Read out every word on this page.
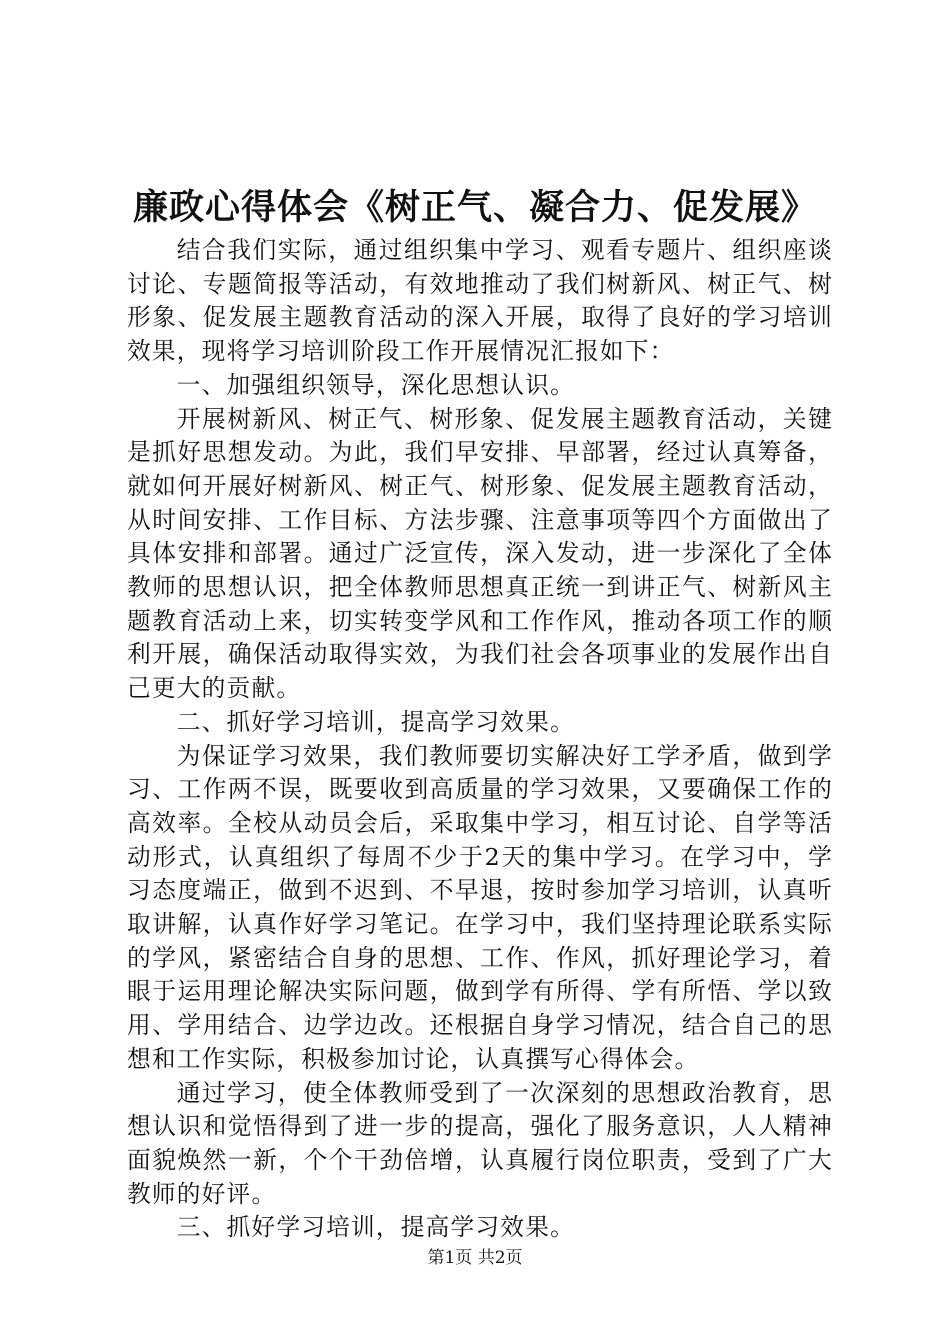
廉政心得体会《树正气、凝合力、促发展》

结合我们实际，通过组织集中学习、观看专题片、组织座谈讨论、专题简报等活动，有效地推动了我们树新风、树正气、树形象、促发展主题教育活动的深入开展，取得了良好的学习培训效果，现将学习培训阶段工作开展情况汇报如下：

一、加强组织领导，深化思想认识。

开展树新风、树正气、树形象、促发展主题教育活动，关键是抓好思想发动。为此，我们早安排、早部署，经过认真筹备，就如何开展好树新风、树正气、树形象、促发展主题教育活动，从时间安排、工作目标、方法步骤、注意事项等四个方面做出了具体安排和部署。通过广泛宣传，深入发动，进一步深化了全体教师的思想认识，把全体教师思想真正统一到讲正气、树新风主题教育活动上来，切实转变学风和工作作风，推动各项工作的顺利开展，确保活动取得实效，为我们社会各项事业的发展作出自己更大的贡献。

二、抓好学习培训，提高学习效果。

为保证学习效果，我们教师要切实解决好工学矛盾，做到学习、工作两不误，既要收到高质量的学习效果，又要确保工作的高效率。全校从动员会后，采取集中学习，相互讨论、自学等活动形式，认真组织了每周不少于2天的集中学习。在学习中，学习态度端正，做到不迟到、不早退，按时参加学习培训，认真听取讲解，认真作好学习笔记。在学习中，我们坚持理论联系实际的学风，紧密结合自身的思想、工作、作风，抓好理论学习，着眼于运用理论解决实际问题，做到学有所得、学有所悟、学以致用、学用结合、边学边改。还根据自身学习情况，结合自己的思想和工作实际，积极参加讨论，认真撰写心得体会。

通过学习，使全体教师受到了一次深刻的思想政治教育，思想认识和觉悟得到了进一步的提高，强化了服务意识，人人精神面貌焕然一新，个个干劲倍增，认真履行岗位职责，受到了广大教师的好评。

三、抓好学习培训，提高学习效果。

第1页 共2页
